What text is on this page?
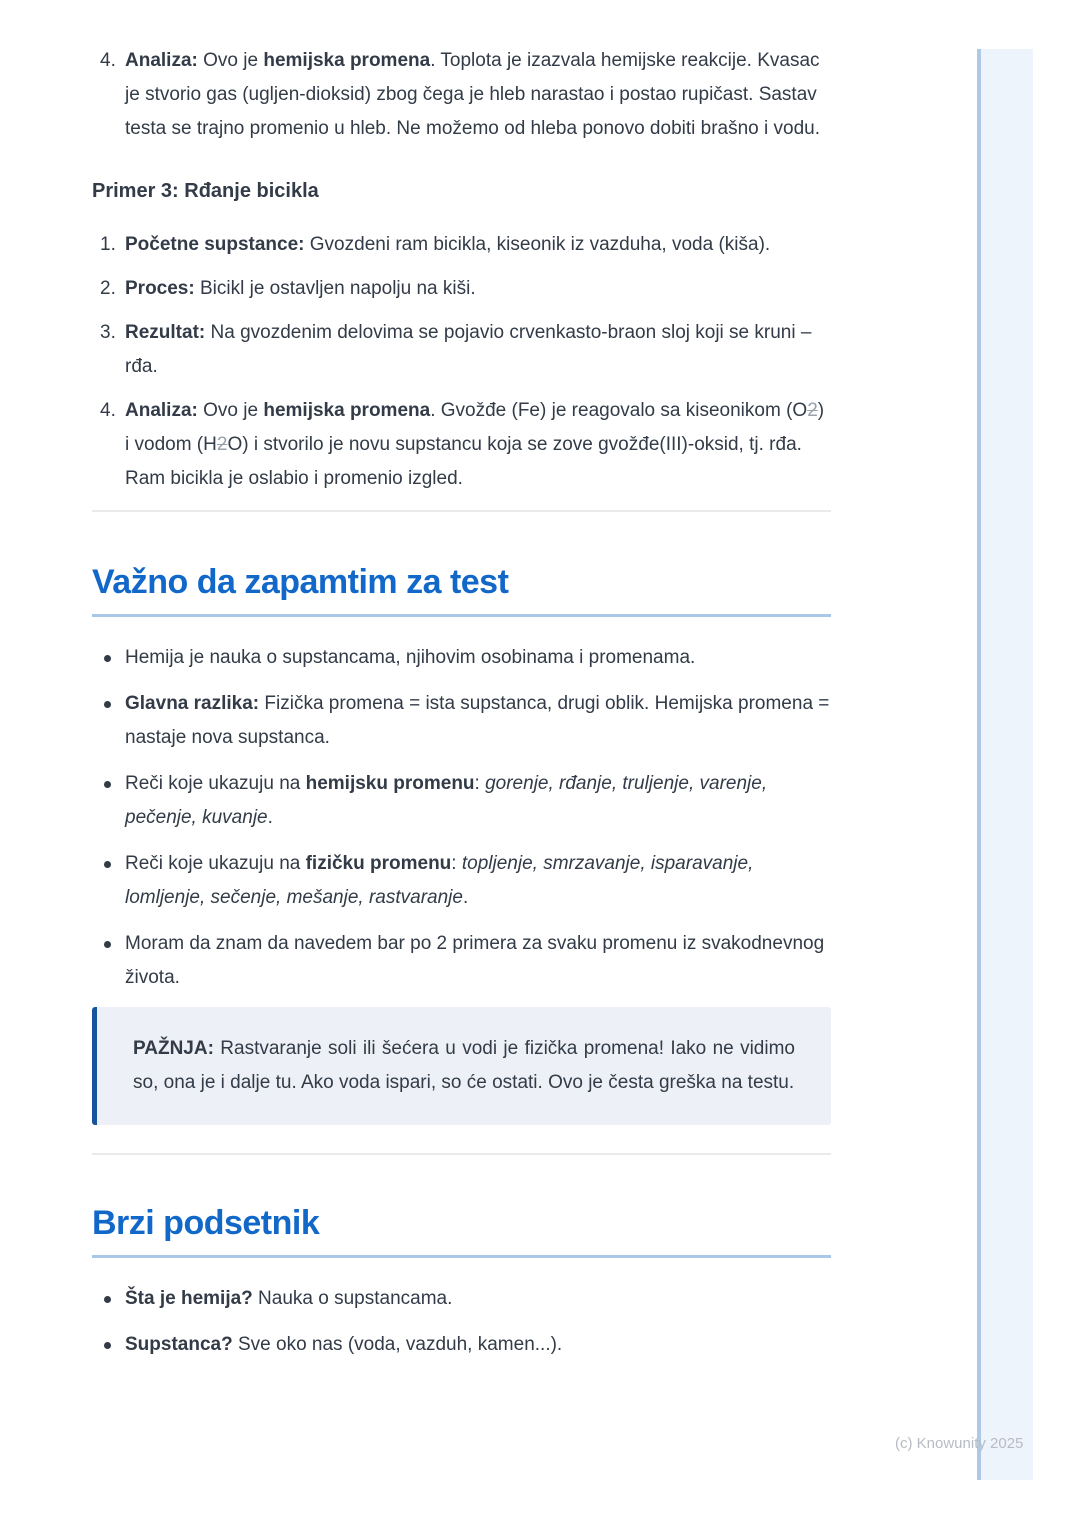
4. Analiza: Ovo je hemijska promena. Toplota je izazvala hemijske reakcije. Kvasac je stvorio gas (ugljen-dioksid) zbog čega je hleb narastao i postao rupičast. Sastav testa se trajno promenio u hleb. Ne možemo od hleba ponovo dobiti brašno i vodu.
Primer 3: Rđanje bicikla
1. Početne supstance: Gvozdeni ram bicikla, kiseonik iz vazduha, voda (kiša).
2. Proces: Bicikl je ostavljen napolju na kiši.
3. Rezultat: Na gvozdenim delovima se pojavio crvenkasto-braon sloj koji se kruni – rđa.
4. Analiza: Ovo je hemijska promena. Gvožđe (Fe) je reagovalo sa kiseonikom (O2) i vodom (H2O) i stvorilo je novu supstancu koja se zove gvožđe(III)-oksid, tj. rđa. Ram bicikla je oslabio i promenio izgled.
Važno da zapamtim za test
Hemija je nauka o supstancama, njihovim osobinama i promenama.
Glavna razlika: Fizička promena = ista supstanca, drugi oblik. Hemijska promena = nastaje nova supstanca.
Reči koje ukazuju na hemijsku promenu: gorenje, rđanje, truljenje, varenje, pečenje, kuvanje.
Reči koje ukazuju na fizičku promenu: topljenje, smrzavanje, isparavanje, lomljenje, sečenje, mešanje, rastvaranje.
Moram da znam da navedem bar po 2 primera za svaku promenu iz svakodnevnog života.
PAŽNJA: Rastvaranje soli ili šećera u vodi je fizička promena! Iako ne vidimo so, ona je i dalje tu. Ako voda ispari, so će ostati. Ovo je česta greška na testu.
Brzi podsetnik
Šta je hemija? Nauka o supstancama.
Supstanca? Sve oko nas (voda, vazduh, kamen...).
(c) Knowunity 2025
